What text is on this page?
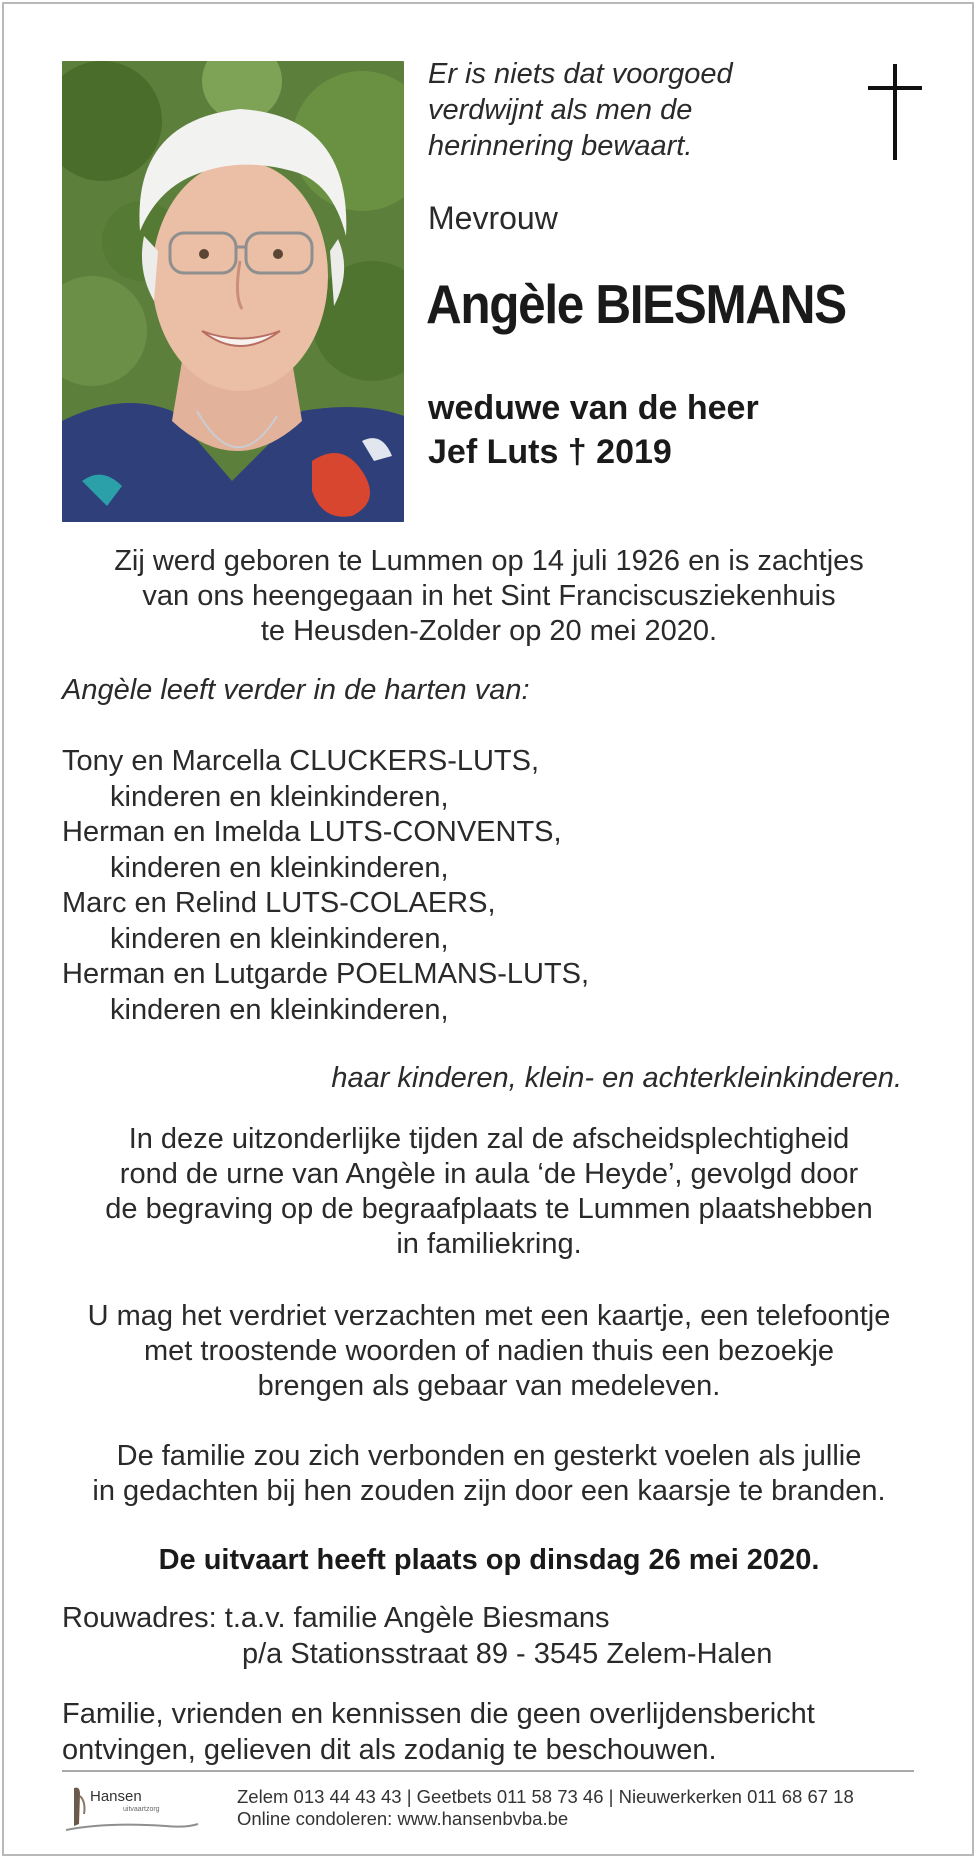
Er is niets dat voorgoed
verdwijnt als men de
herinnering bewaart.
Mevrouw
Angèle BIESMANS
weduwe van de heer
Jef Luts † 2019
Zij werd geboren te Lummen op 14 juli 1926 en is zachtjes
van ons heengegaan in het Sint Franciscusziekenhuis
te Heusden-Zolder op 20 mei 2020.
Angèle leeft verder in de harten van:
Tony en Marcella CLUCKERS-LUTS,
kinderen en kleinkinderen,
Herman en Imelda LUTS-CONVENTS,
kinderen en kleinkinderen,
Marc en Relind LUTS-COLAERS,
kinderen en kleinkinderen,
Herman en Lutgarde POELMANS-LUTS,
kinderen en kleinkinderen,
haar kinderen, klein- en achterkleinkinderen.
In deze uitzonderlijke tijden zal de afscheidsplechtigheid
rond de urne van Angèle in aula ‘de Heyde’, gevolgd door
de begraving op de begraafplaats te Lummen plaatshebben
in familiekring.
U mag het verdriet verzachten met een kaartje, een telefoontje
met troostende woorden of nadien thuis een bezoekje
brengen als gebaar van medeleven.
De familie zou zich verbonden en gesterkt voelen als jullie
in gedachten bij hen zouden zijn door een kaarsje te branden.
De uitvaart heeft plaats op dinsdag 26 mei 2020.
Rouwadres: t.a.v. familie Angèle Biesmans
p/a Stationsstraat 89 - 3545 Zelem-Halen
Familie, vrienden en kennissen die geen overlijdensbericht
ontvingen, gelieven dit als zodanig te beschouwen.
Hansen
uitvaartzorg
Zelem 013 44 43 43 | Geetbets 011 58 73 46 | Nieuwerkerken 011 68 67 18
Online condoleren: www.hansenbvba.be
